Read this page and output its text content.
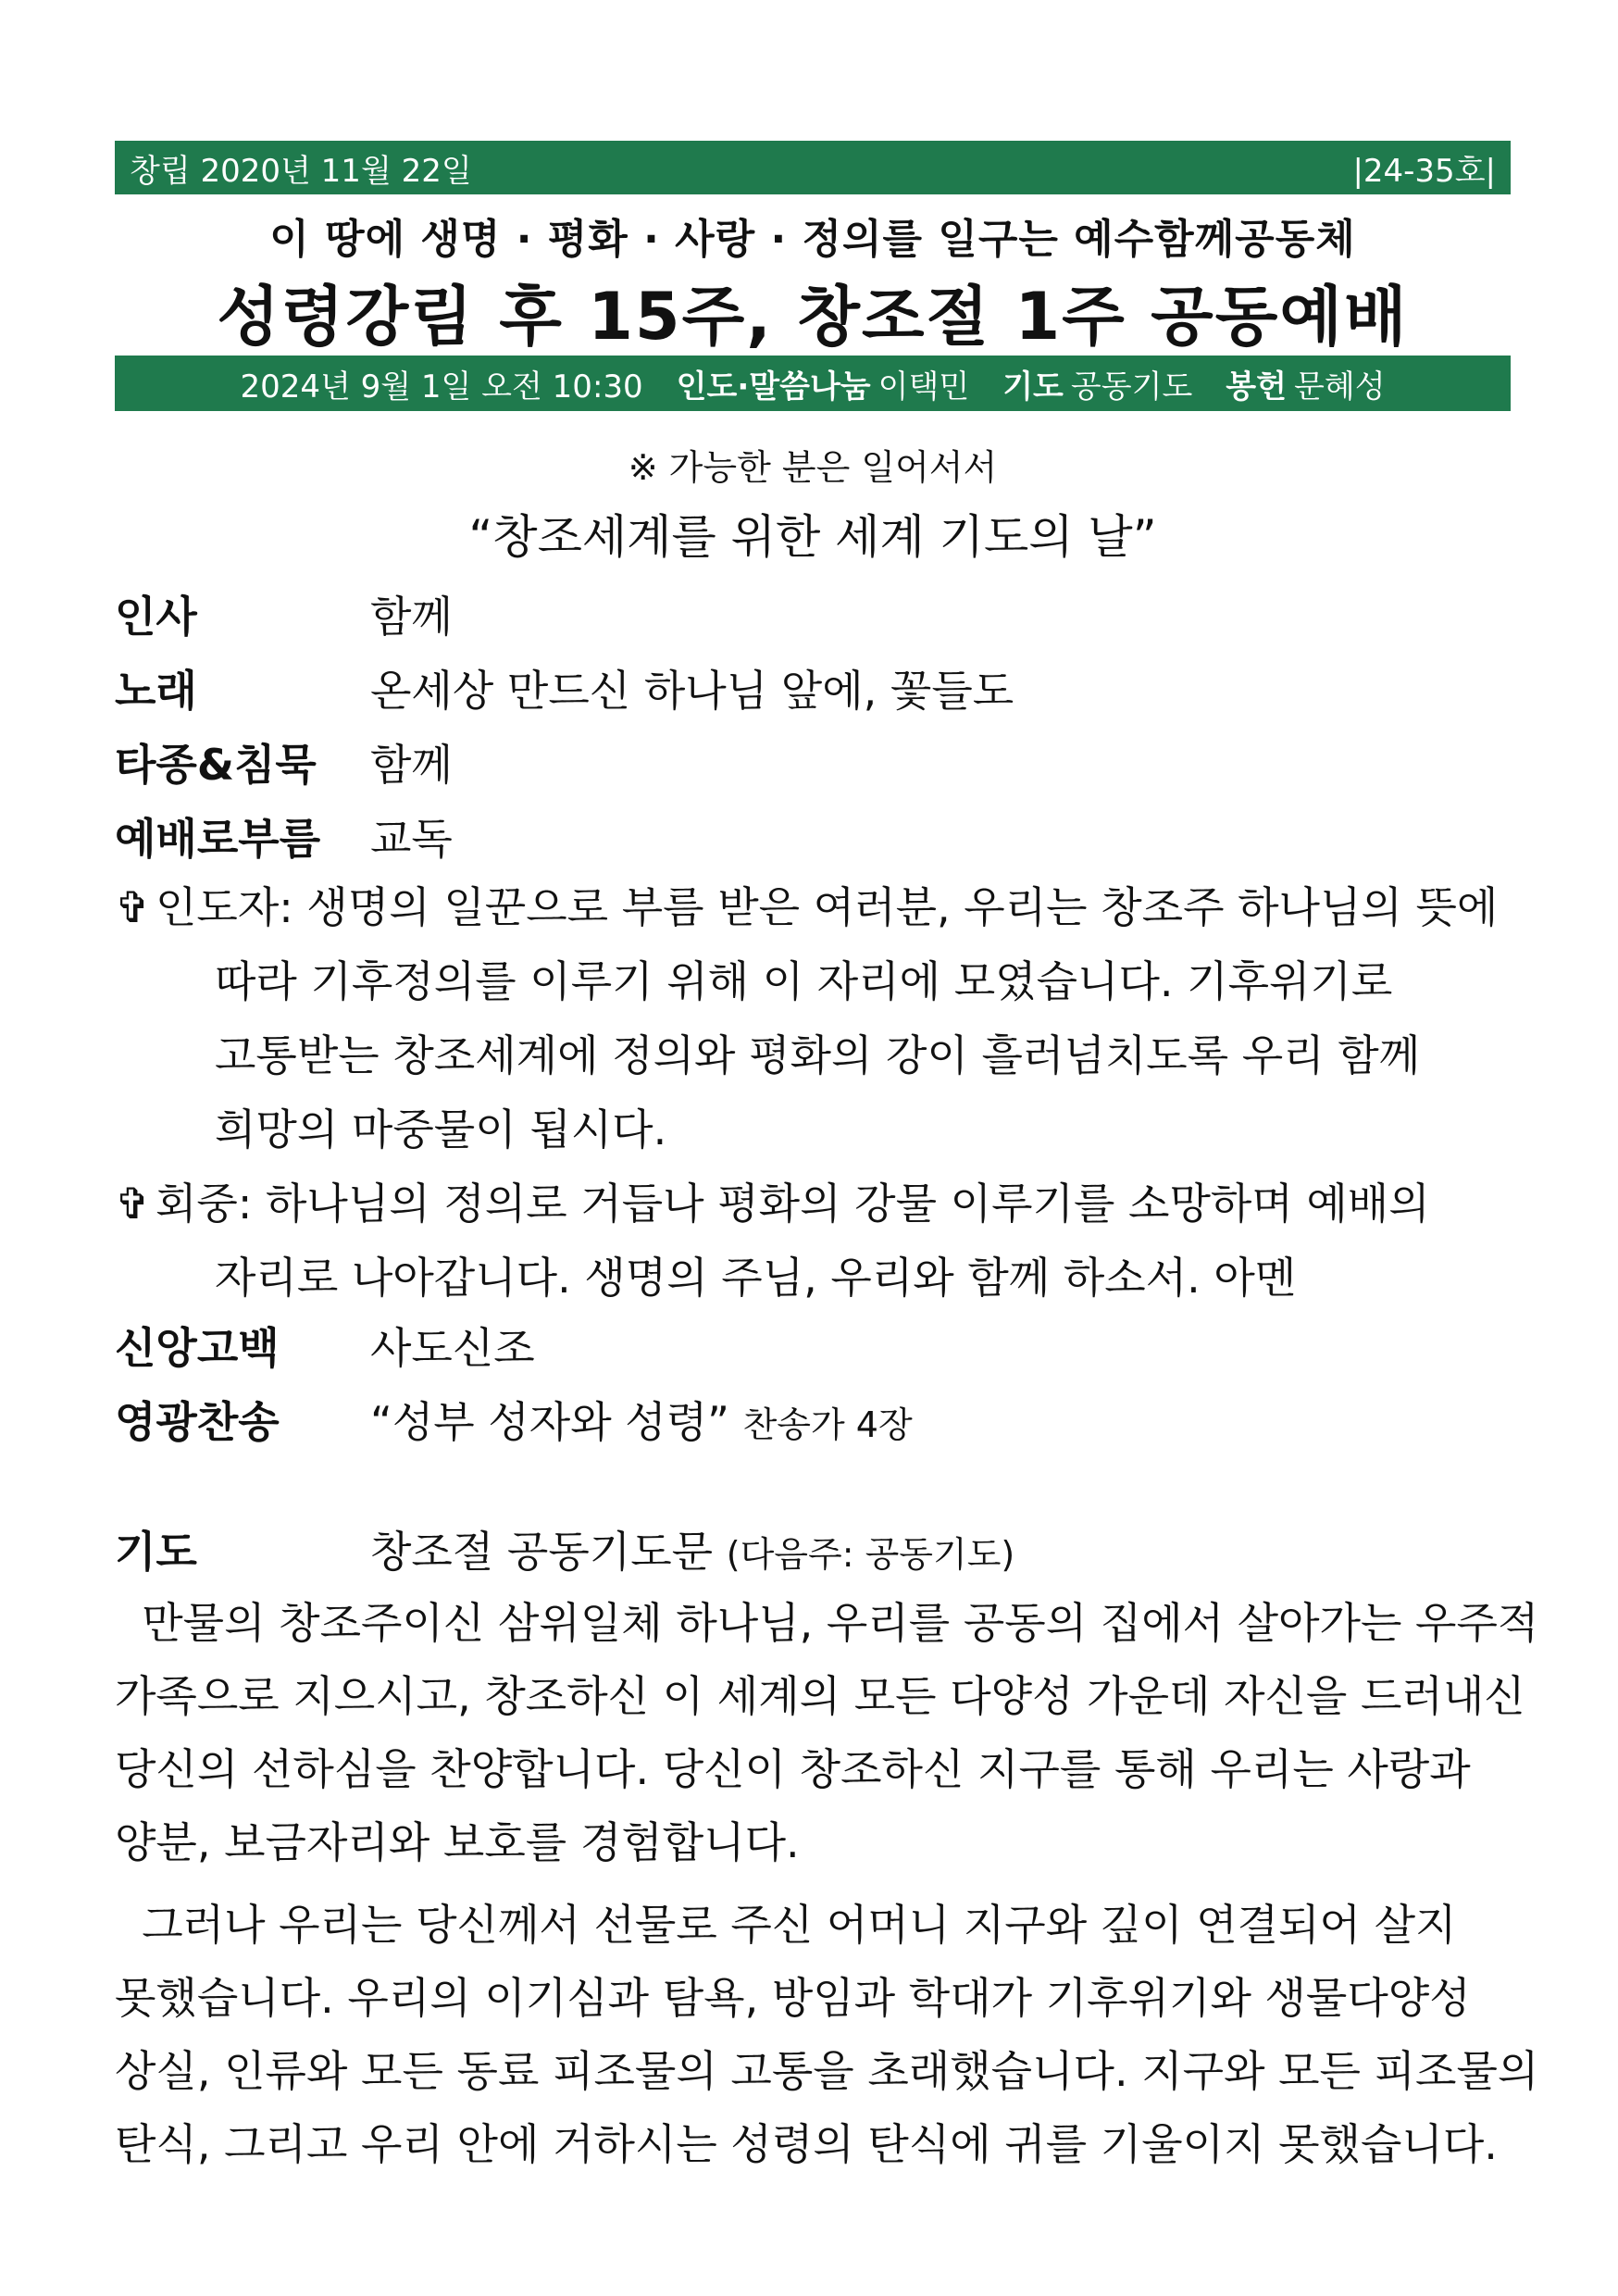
창립 2020년 11월 22일	|24-35호|
이 땅에 생명 · 평화 · 사랑 · 정의를 일구는 예수함께공동체
성령강림 후 15주, 창조절 1주 공동예배
2024년 9월 1일 오전 10:30 인도·말씀나눔 이택민 기도 공동기도 봉헌 문혜성
※ 가능한 분은 일어서서
“창조세계를 위한 세계 기도의 날”
인사	함께
노래	온세상 만드신 하나님 앞에, 꽃들도
타종&침묵	함께
예배로부름	교독
✞ 인도자: 생명의 일꾼으로 부름 받은 여러분, 우리는 창조주 하나님의 뜻에
따라 기후정의를 이루기 위해 이 자리에 모였습니다. 기후위기로
고통받는 창조세계에 정의와 평화의 강이 흘러넘치도록 우리 함께
희망의 마중물이 됩시다.
✞ 회중: 하나님의 정의로 거듭나 평화의 강물 이루기를 소망하며 예배의
자리로 나아갑니다. 생명의 주님, 우리와 함께 하소서. 아멘
신앙고백	사도신조
영광찬송	“성부 성자와 성령” 찬송가 4장
기도	창조절 공동기도문 (다음주: 공동기도)
만물의 창조주이신 삼위일체 하나님, 우리를 공동의 집에서 살아가는 우주적
가족으로 지으시고, 창조하신 이 세계의 모든 다양성 가운데 자신을 드러내신
당신의 선하심을 찬양합니다. 당신이 창조하신 지구를 통해 우리는 사랑과
양분, 보금자리와 보호를 경험합니다.
그러나 우리는 당신께서 선물로 주신 어머니 지구와 깊이 연결되어 살지
못했습니다. 우리의 이기심과 탐욕, 방임과 학대가 기후위기와 생물다양성
상실, 인류와 모든 동료 피조물의 고통을 초래했습니다. 지구와 모든 피조물의
탄식, 그리고 우리 안에 거하시는 성령의 탄식에 귀를 기울이지 못했습니다.
